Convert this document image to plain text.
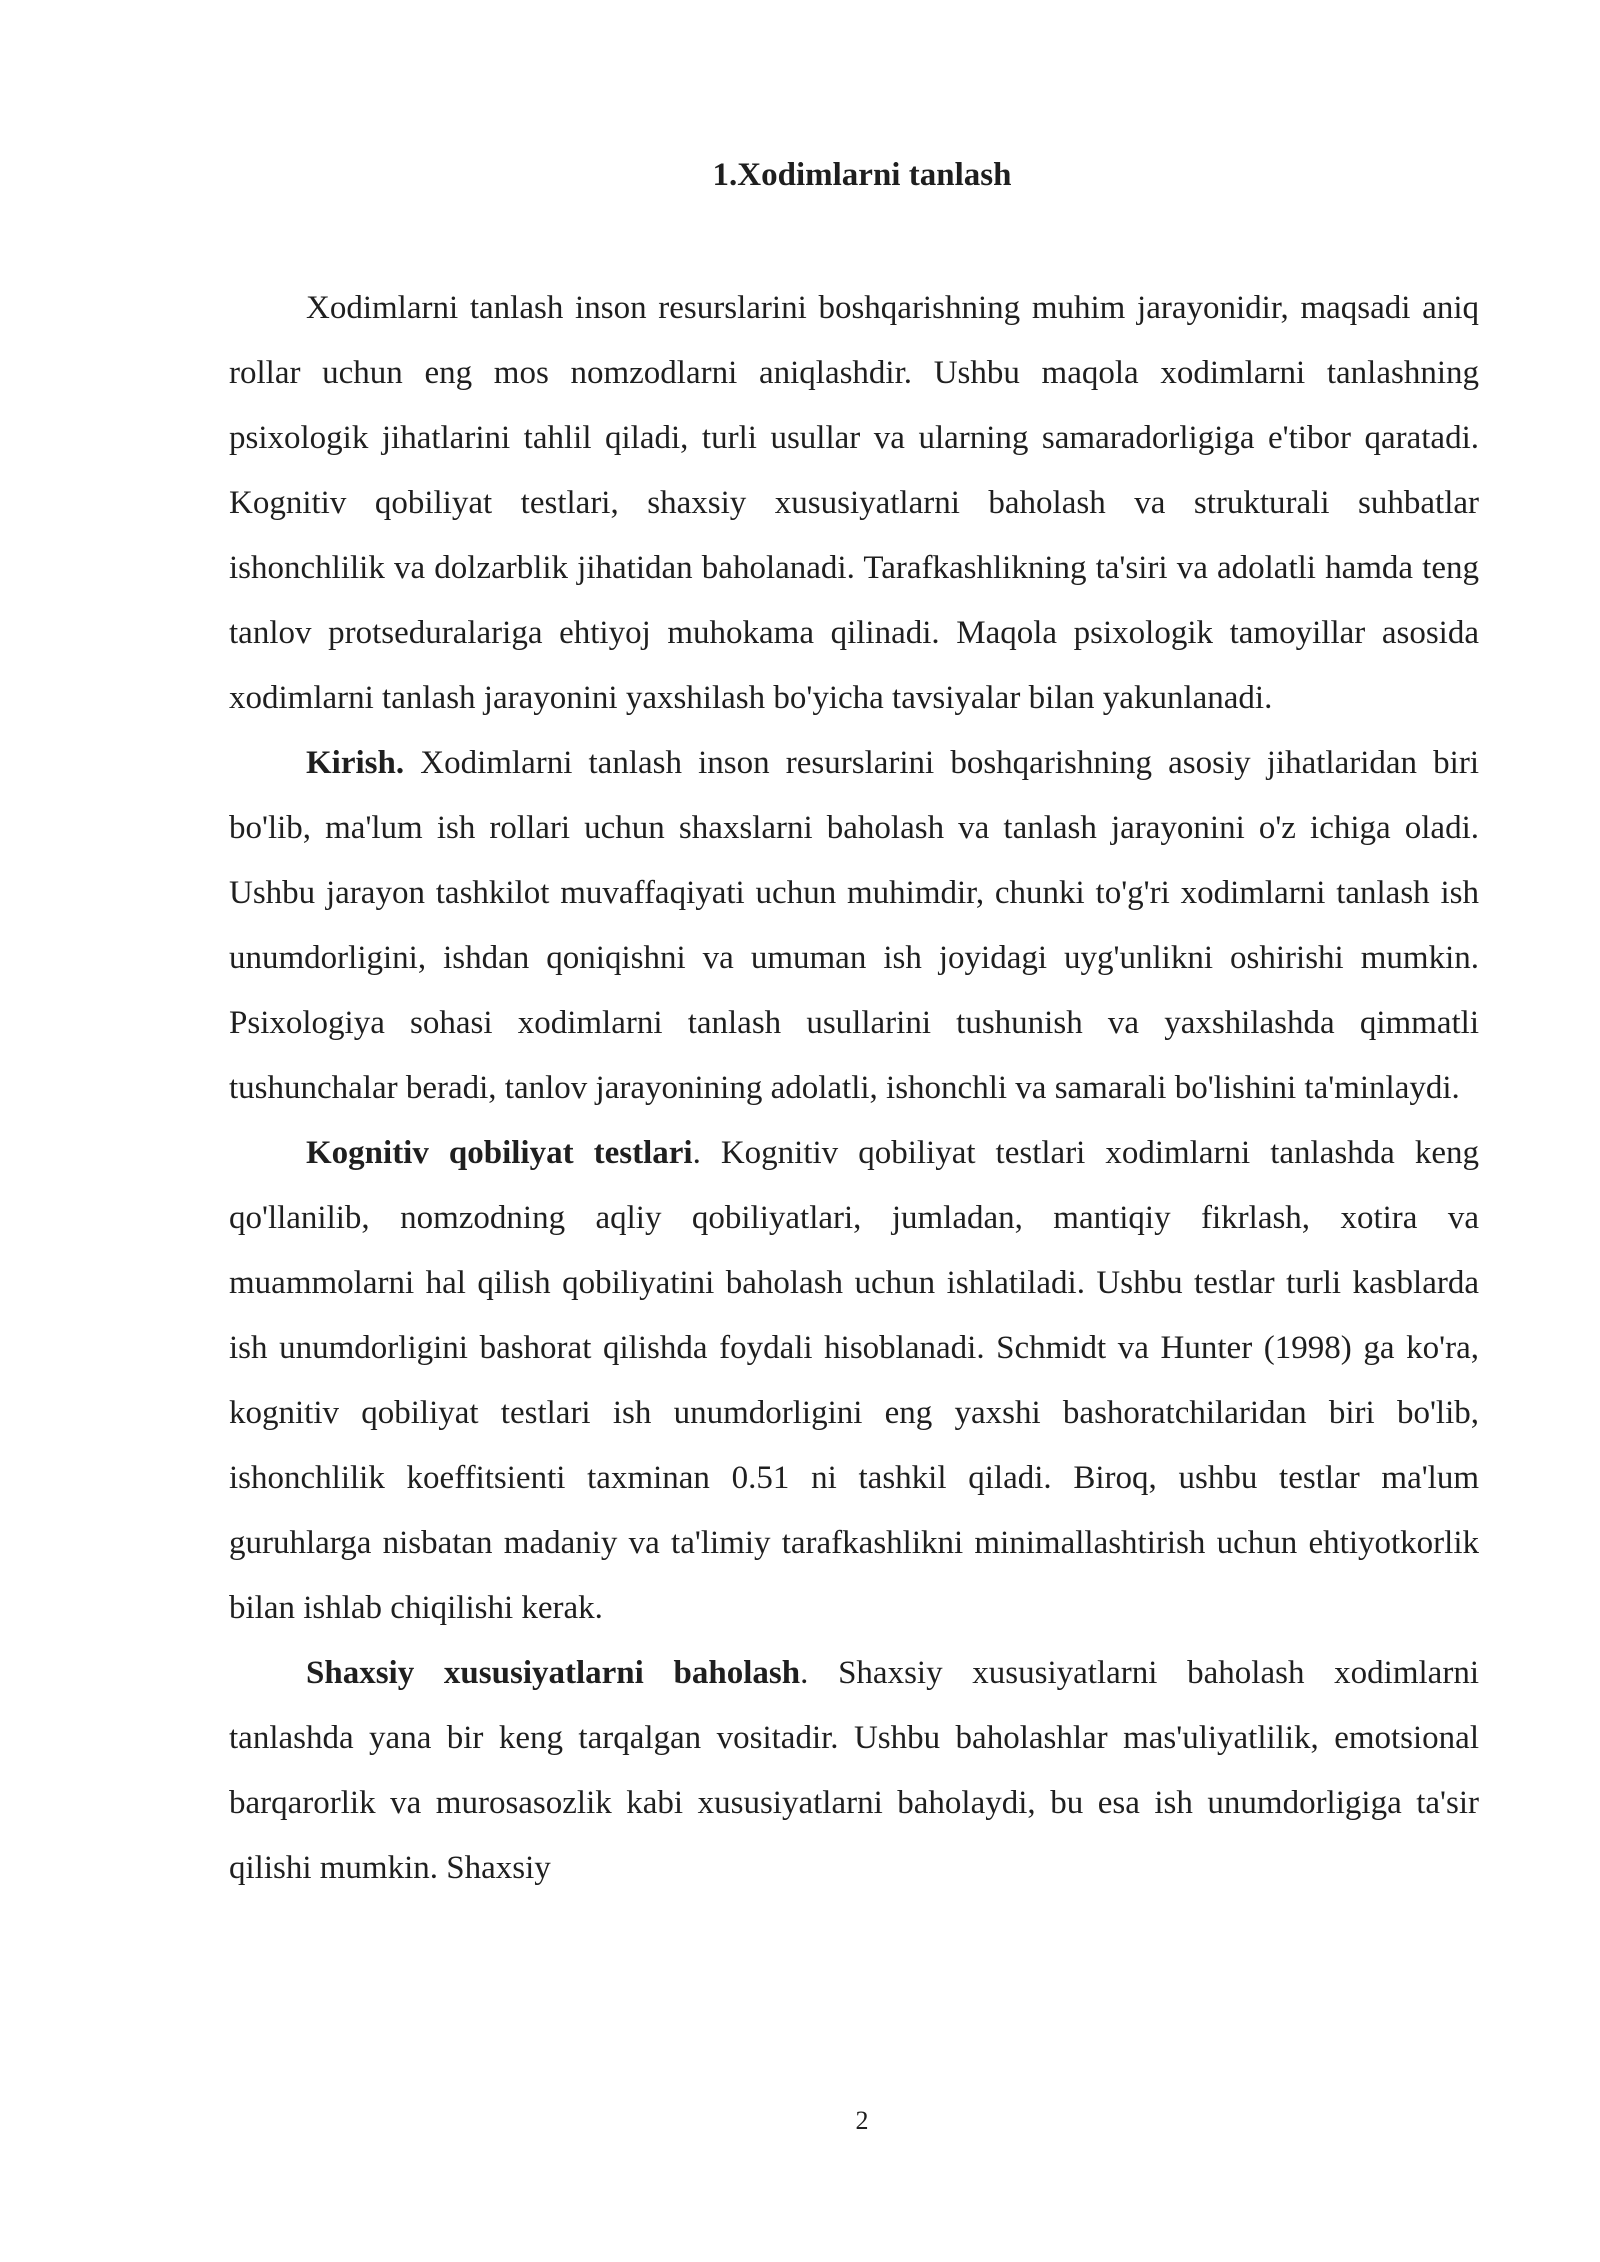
1.Xodimlarni tanlash

Xodimlarni tanlash inson resurslarini boshqarishning muhim jarayonidir, maqsadi aniq rollar uchun eng mos nomzodlarni aniqlashdir. Ushbu maqola xodimlarni tanlashning psixologik jihatlarini tahlil qiladi, turli usullar va ularning samaradorligiga e'tibor qaratadi. Kognitiv qobiliyat testlari, shaxsiy xususiyatlarni baholash va strukturali suhbatlar ishonchlilik va dolzarblik jihatidan baholanadi. Tarafkashlikning ta'siri va adolatli hamda teng tanlov protseduralariga ehtiyoj muhokama qilinadi. Maqola psixologik tamoyillar asosida xodimlarni tanlash jarayonini yaxshilash bo'yicha tavsiyalar bilan yakunlanadi.

Kirish. Xodimlarni tanlash inson resurslarini boshqarishning asosiy jihatlaridan biri bo'lib, ma'lum ish rollari uchun shaxslarni baholash va tanlash jarayonini o'z ichiga oladi. Ushbu jarayon tashkilot muvaffaqiyati uchun muhimdir, chunki to'g'ri xodimlarni tanlash ish unumdorligini, ishdan qoniqishni va umuman ish joyidagi uyg'unlikni oshirishi mumkin. Psixologiya sohasi xodimlarni tanlash usullarini tushunish va yaxshilashda qimmatli tushunchalar beradi, tanlov jarayonining adolatli, ishonchli va samarali bo'lishini ta'minlaydi.

Kognitiv qobiliyat testlari. Kognitiv qobiliyat testlari xodimlarni tanlashda keng qo'llanilib, nomzodning aqliy qobiliyatlari, jumladan, mantiqiy fikrlash, xotira va muammolarni hal qilish qobiliyatini baholash uchun ishlatiladi. Ushbu testlar turli kasblarda ish unumdorligini bashorat qilishda foydali hisoblanadi. Schmidt va Hunter (1998) ga ko'ra, kognitiv qobiliyat testlari ish unumdorligini eng yaxshi bashoratchilaridan biri bo'lib, ishonchlilik koeffitsienti taxminan 0.51 ni tashkil qiladi. Biroq, ushbu testlar ma'lum guruhlarga nisbatan madaniy va ta'limiy tarafkashlikni minimallashtirish uchun ehtiyotkorlik bilan ishlab chiqilishi kerak.

Shaxsiy xususiyatlarni baholash. Shaxsiy xususiyatlarni baholash xodimlarni tanlashda yana bir keng tarqalgan vositadir. Ushbu baholashlar mas'uliyatlilik, emotsional barqarorlik va murosasozlik kabi xususiyatlarni baholaydi, bu esa ish unumdorligiga ta'sir qilishi mumkin. Shaxsiy

2
